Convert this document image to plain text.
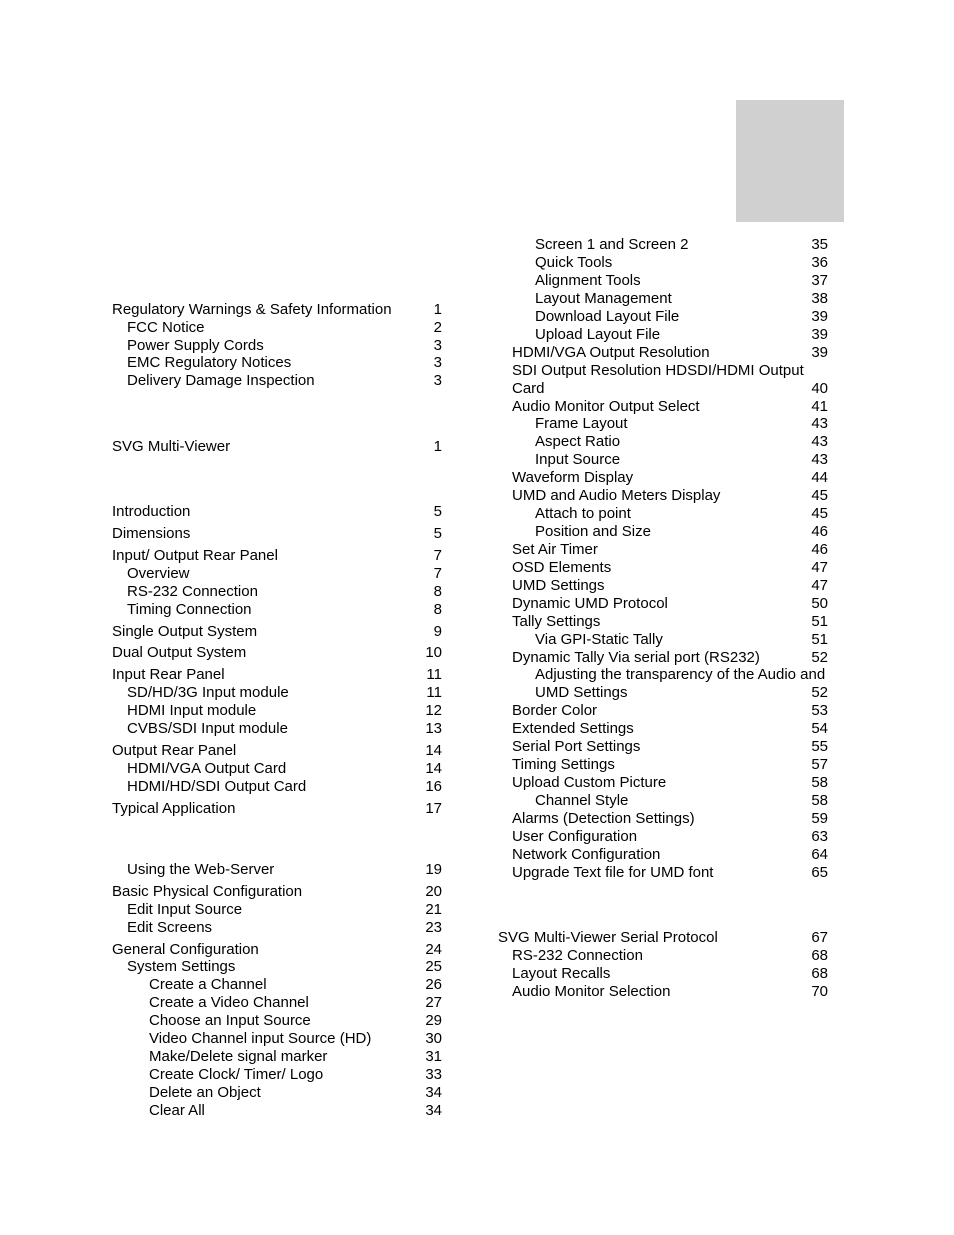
Regulatory Warnings & Safety Information	1
FCC Notice	2
Power Supply Cords	3
EMC Regulatory Notices	3
Delivery Damage Inspection	3
SVG Multi-Viewer	1
Introduction	5
Dimensions	5
Input/ Output Rear Panel	7
Overview	7
RS-232 Connection	8
Timing Connection	8
Single Output System	9
Dual Output System	10
Input Rear Panel	11
SD/HD/3G Input module	11
HDMI Input module	12
CVBS/SDI Input module	13
Output Rear Panel	14
HDMI/VGA Output Card	14
HDMI/HD/SDI Output Card	16
Typical Application	17
Using the Web-Server	19
Basic Physical Configuration	20
Edit Input Source	21
Edit Screens	23
General Configuration	24
System Settings	25
Create a Channel	26
Create a Video Channel	27
Choose an Input Source	29
Video Channel input Source (HD)	30
Make/Delete signal marker	31
Create Clock/ Timer/ Logo	33
Delete an Object	34
Clear All	34
Screen 1 and Screen 2	35
Quick Tools	36
Alignment Tools	37
Layout Management	38
Download Layout File	39
Upload Layout File	39
HDMI/VGA Output Resolution	39
SDI Output Resolution HDSDI/HDMI Output
Card	40
Audio Monitor Output Select	41
Frame Layout	43
Aspect Ratio	43
Input Source	43
Waveform Display	44
UMD and Audio Meters Display	45
Attach to point	45
Position and Size	46
Set Air Timer	46
OSD Elements	47
UMD Settings	47
Dynamic UMD Protocol	50
Tally Settings	51
Via GPI-Static Tally	51
Dynamic Tally Via serial port (RS232)	52
Adjusting the transparency of the Audio and
UMD Settings	52
Border Color	53
Extended Settings	54
Serial Port Settings	55
Timing Settings	57
Upload Custom Picture	58
Channel Style	58
Alarms (Detection Settings)	59
User Configuration	63
Network Configuration	64
Upgrade Text file for UMD font	65
SVG Multi-Viewer Serial Protocol	67
RS-232 Connection	68
Layout Recalls	68
Audio Monitor Selection	70
